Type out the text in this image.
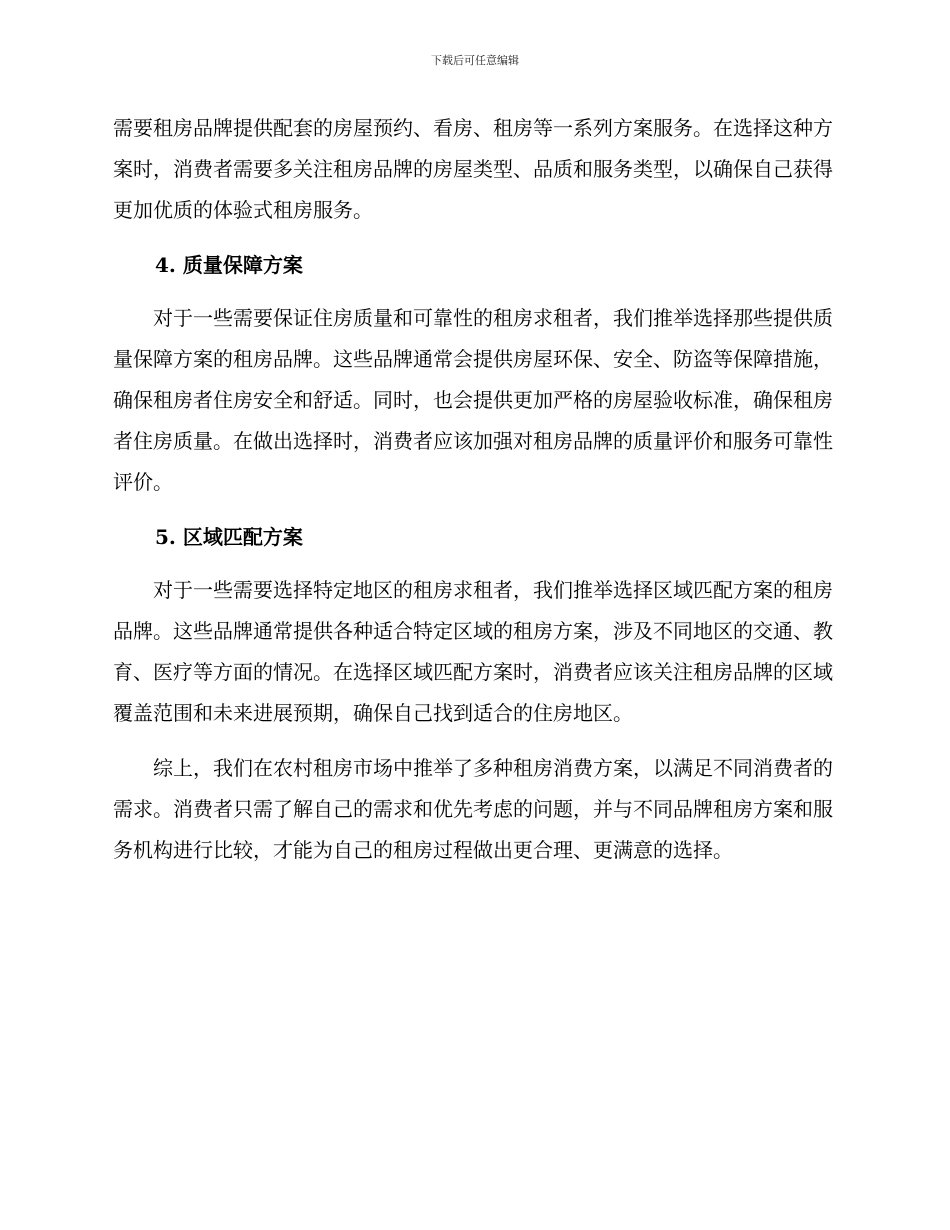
下载后可任意编辑

需要租房品牌提供配套的房屋预约、看房、租房等一系列方案服务。在选择这种方案时，消费者需要多关注租房品牌的房屋类型、品质和服务类型，以确保自己获得更加优质的体验式租房服务。

4. 质量保障方案

对于一些需要保证住房质量和可靠性的租房求租者，我们推举选择那些提供质量保障方案的租房品牌。这些品牌通常会提供房屋环保、安全、防盗等保障措施，确保租房者住房安全和舒适。同时，也会提供更加严格的房屋验收标准，确保租房者住房质量。在做出选择时，消费者应该加强对租房品牌的质量评价和服务可靠性评价。

5. 区域匹配方案

对于一些需要选择特定地区的租房求租者，我们推举选择区域匹配方案的租房品牌。这些品牌通常提供各种适合特定区域的租房方案，涉及不同地区的交通、教育、医疗等方面的情况。在选择区域匹配方案时，消费者应该关注租房品牌的区域覆盖范围和未来进展预期，确保自己找到适合的住房地区。

综上，我们在农村租房市场中推举了多种租房消费方案，以满足不同消费者的需求。消费者只需了解自己的需求和优先考虑的问题，并与不同品牌租房方案和服务机构进行比较，才能为自己的租房过程做出更合理、更满意的选择。
